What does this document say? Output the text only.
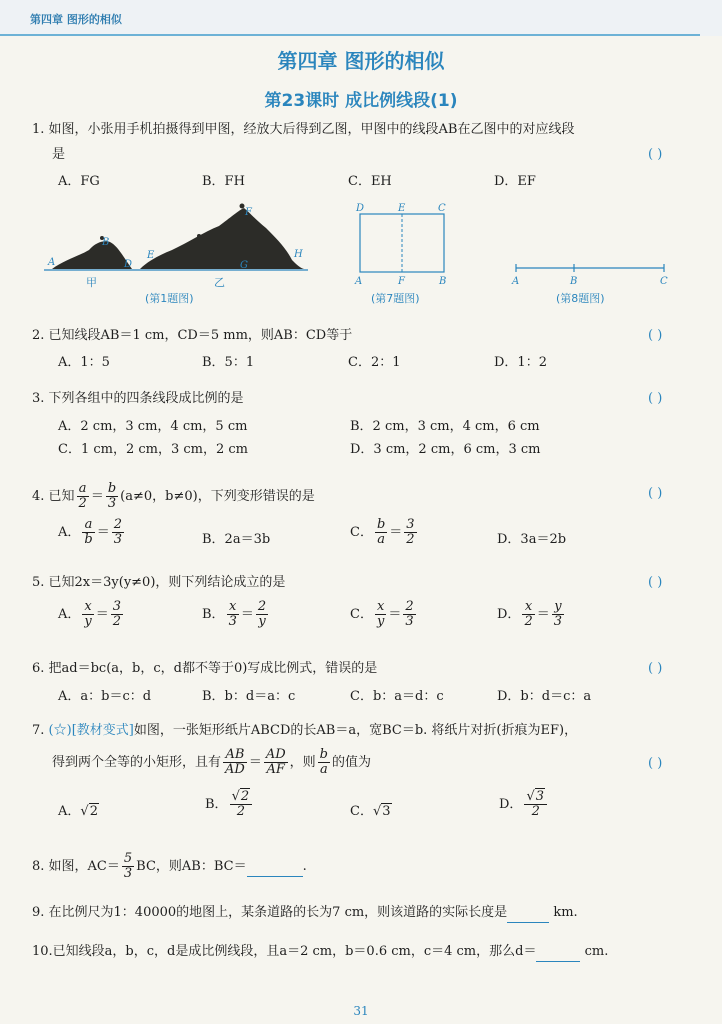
第四章 图形的相似
第四章 图形的相似
第23课时 成比例线段(1)
1. 如图，小张用手机拍摄得到甲图，经放大后得到乙图，甲图中的线段AB在乙图中的对应线段
是	( )
A．FG	B．FH	C．EH	D．EF
A
B
D
E
F
G
H
甲	乙
(第1题图)
D	E	C
A	F	B
(第7题图)
A	B	C
(第8题图)
2. 已知线段AB＝1 cm，CD＝5 mm，则AB：CD等于	( )
A．1：5	B．5：1	C．2：1	D．1：2
3. 下列各组中的四条线段成比例的是	( )
A．2 cm，3 cm，4 cm，5 cm	B．2 cm，3 cm，4 cm，6 cm
C．1 cm，2 cm，3 cm，2 cm	D．3 cm，2 cm，6 cm，3 cm
4. 已知 $\frac{a}{2} = \frac{b}{3} (a\ne 0$，b≠0)，下列变形错误的是	( )
A． $\frac{a}{b} = \frac{2}{3}$	B．2a＝3b	C． $\frac{b}{a} = \frac{3}{2}$	D．3a＝2b
5. 已知2x＝3y(y≠0)，则下列结论成立的是	( )
A． $\frac{x}{y} = \frac{3}{2}$	B． $\frac{x}{3} = \frac{2}{y}$	C． $\frac{x}{y} = \frac{2}{3}$	D． $\frac{x}{2} = \frac{y}{3}$
6. 把ad＝bc(a，b，c，d都不等于0)写成比例式，错误的是	( )
A．a：b＝c：d	B．b：d＝a：c	C．b：a＝d：c	D．b：d＝c：a
7. (☆)[教材变式]如图，一张矩形纸片ABCD的长AB＝a，宽BC＝b. 将纸片对折(折痕为EF)，
得到两个全等的小矩形，且有 $\frac{AB}{AD} = \frac{AD}{AF}$ ，则 $\frac{b}{a}$ 的值为	( )
A．√2	B． $\frac{√2}{2}$	C．√3	D． $\frac{√3}{2}$
8. 如图，$AC= \frac{5}{3}$ BC，则AB：BC＝	.
9. 在比例尺为1：40000的地图上，某条道路的长为7 cm，则该道路的实际长度是	km.
10.已知线段a，b，c，d是成比例线段，且a＝2 cm，b＝0.6 cm，c＝4 cm，那么d＝	cm.
31
